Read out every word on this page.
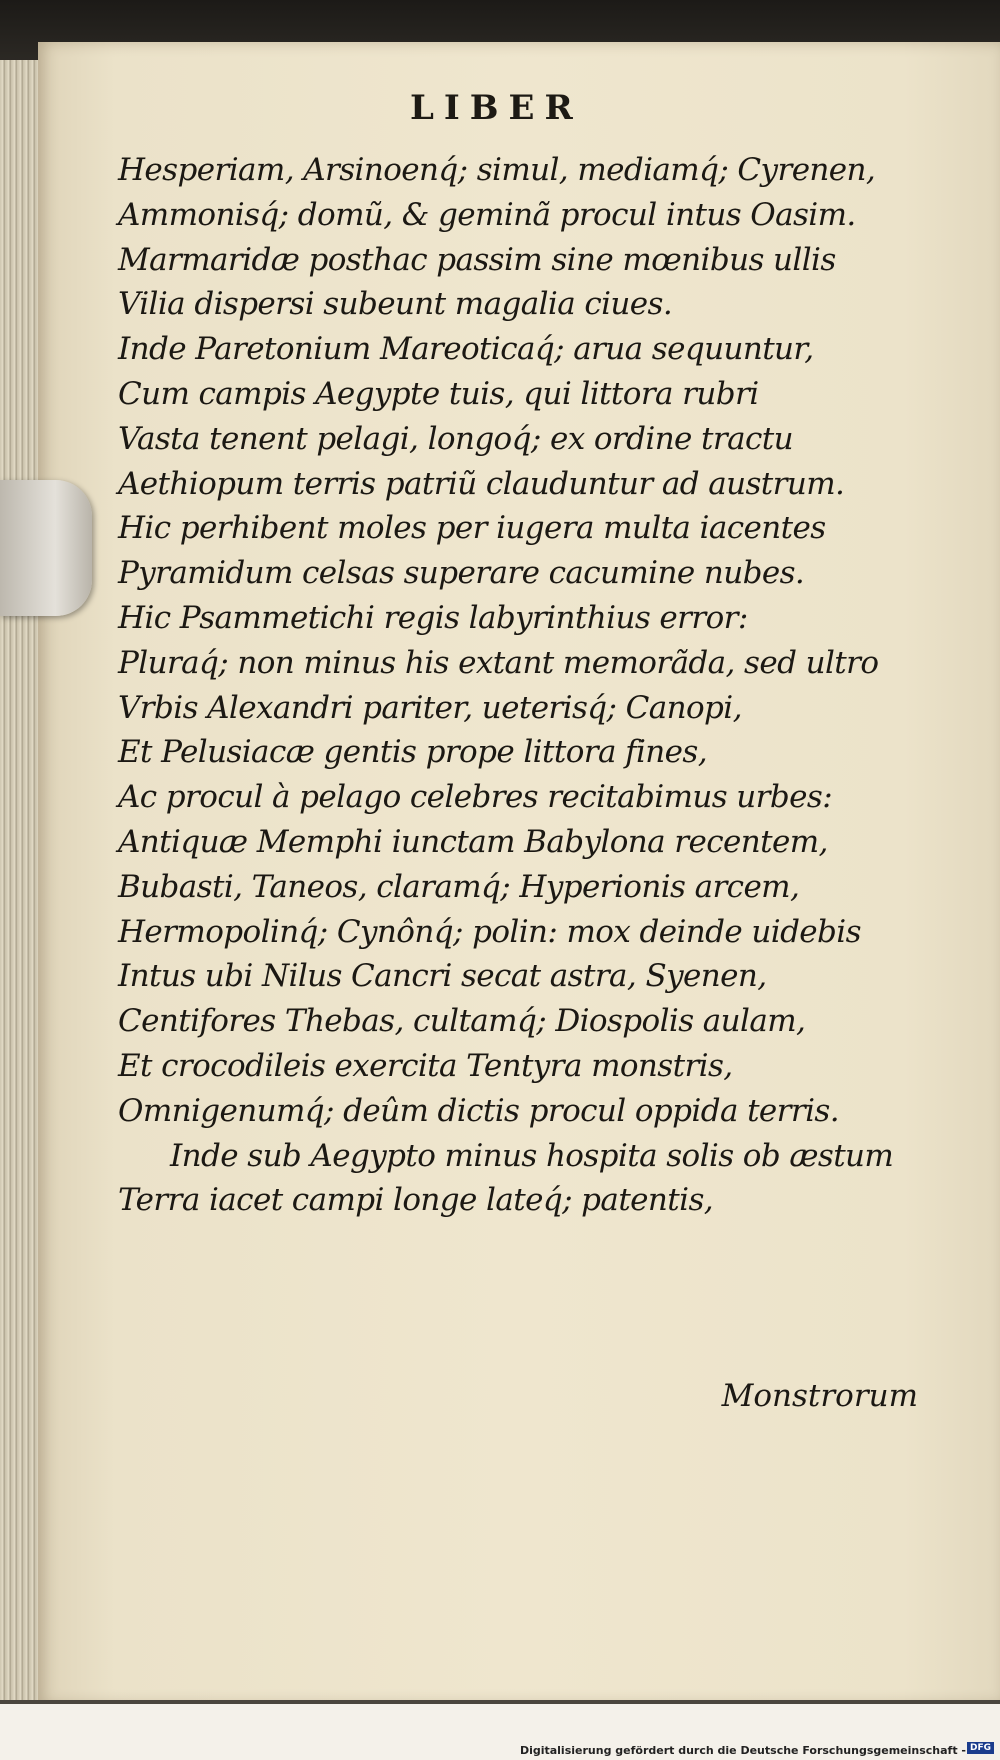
LIBER
Hesperiam, Arsinoenq́; simul, mediamq́; Cyrenen,
Ammonisq́; domũ, & geminã procul intus Oasim.
Marmaridæ posthac passim sine mœnibus ullis
Vilia dispersi subeunt magalia ciues.
Inde Paretonium Mareoticaq́; arua sequuntur,
Cum campis Aegypte tuis, qui littora rubri
Vasta tenent pelagi, longoq́; ex ordine tractu
Aethiopum terris patriũ clauduntur ad austrum.
Hic perhibent moles per iugera multa iacentes
Pyramidum celsas superare cacumine nubes.
Hic Psammetichi regis labyrinthius error:
Pluraq́; non minus his extant memorãda, sed ultro
Vrbis Alexandri pariter, ueterisq́; Canopi,
Et Pelusiacæ gentis prope littora fines,
Ac procul à pelago celebres recitabimus urbes:
Antiquæ Memphi iunctam Babylona recentem,
Bubasti, Taneos, claramq́; Hyperionis arcem,
Hermopolinq́; Cynônq́; polin: mox deinde uidebis
Intus ubi Nilus Cancri secat astra, Syenen,
Centifores Thebas, cultamq́; Diospolis aulam,
Et crocodileis exercita Tentyra monstris,
Omnigenumq́; deûm dictis procul oppida terris.
Inde sub Aegypto minus hospita solis ob æstum
Terra iacet campi longe lateq́; patentis,
Monstrorum
Digitalisierung gefördert durch die Deutsche Forschungsgemeinschaft - DFG
